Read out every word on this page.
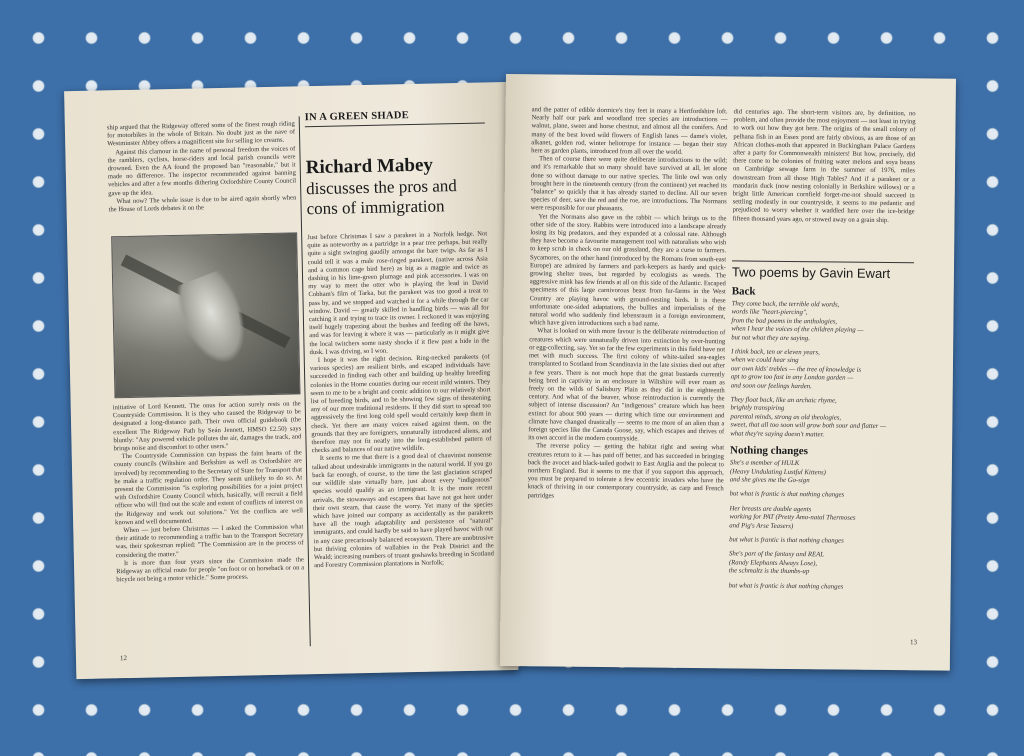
ship argued that the Ridgeway offered some of the finest rough riding for motorbikes in the whole of Britain. No doubt just as the nave of Westminster Abbey offers a magnificent site for selling ice creams.

Against this clamour in the name of personal freedom the voices of the ramblers, cyclists, horse-riders and local parish councils were drowned. Even the AA found the proposed ban "reasonable," but it made no difference. The inspector recommended against banning vehicles and after a few months dithering Oxfordshire County Council gave up the idea.

What now? The whole issue is due to be aired again shortly when the House of Lords debates it on the

initiative of Lord Kennett. The onus for action surely rests on the Countryside Commission. It is they who caused the Ridgeway to be designated a long-distance path. Their own official guidebook (the excellent The Ridgeway Path by Seán Jennett, HMSO £2.50) says bluntly: "Any powered vehicle pollutes the air, damages the track, and brings noise and discomfort to other users."

The Countryside Commission can bypass the faint hearts of the county councils (Wiltshire and Berkshire as well as Oxfordshire are involved) by recommending to the Secretary of State for Transport that he make a traffic regulation order. They seem unlikely to do so. At present the Commission "is exploring possibilities for a joint project with Oxfordshire County Council which, basically, will recruit a field officer who will find out the scale and extent of conflicts of interest on the Ridgeway and work out solutions." Yet the conflicts are well known and well documented.

When — just before Christmas — I asked the Commission what their attitude to recommending a traffic ban to the Transport Secretary was, their spokesman replied: "The Commission are in the process of considering the matter."

It is more than four years since the Commission made the Ridgeway an official route for people "on foot or on horseback or on a bicycle not being a motor vehicle." Some process.

IN A GREEN SHADE
Richard Mabey
discusses the pros and cons of immigration

Just before Christmas I saw a parakeet in a Norfolk hedge. Not quite as noteworthy as a partridge in a pear tree perhaps, but really quite a sight swinging gaudily amongst the bare twigs. As far as I could tell it was a male rose-ringed parakeet, (native across Asia and a common cage bird here) as big as a magpie and twice as dashing in his lime-green plumage and pink accessories. I was on my way to meet the otter who is playing the lead in David Cobham's film of Tarka, but the parakeet was too good a treat to pass by, and we stopped and watched it for a while through the car window. David — greatly skilled in handling birds — was all for catching it and trying to trace its owner. I reckoned it was enjoying itself hugely trapezing about the bushes and feeding off the haws, and was for leaving it where it was — particularly as it might give the local twitchers some nasty shocks if it flew past a hide in the dusk. I was driving, so I won.

I hope it was the right decision. Ring-necked parakeets (of various species) are resilient birds, and escaped individuals have succeeded in finding each other and building up healthy breeding colonies in the Home counties during our recent mild winters. They seem to me to be a bright and comic addition to our relatively short list of breeding birds, and to be showing few signs of threatening any of our more traditional residents. If they did start to spread too aggressively the first long cold spell would certainly keep them in check. Yet there are many voices raised against them, on the grounds that they are foreigners, unnaturally introduced aliens, and therefore may not fit neatly into the long-established pattern of checks and balances of our native wildlife.

It seems to me that there is a good deal of chauvinist nonsense talked about undesirable immigrants in the natural world. If you go back far enough, of course, to the time the last glaciation scraped our wildlife slate virtually bare, just about every "indigenous" species would qualify as an immigrant. It is the more recent arrivals, the stowaways and escapees that have not got here under their own steam, that cause the worry. Yet many of the species which have joined our company as accidentally as the parakeets have all the tough adaptability and persistence of "natural" immigrants, and could hardly be said to have played havoc with our in any case precariously balanced ecosystem. There are unobtrusive but thriving colonies of wallabies in the Peak District and the Weald; increasing numbers of truant goshawks breeding in Scotland and Forestry Commission plantations in Norfolk;

12

and the patter of edible dormice's tiny feet in many a Hertfordshire loft. Nearly half our park and woodland tree species are introductions — walnut, plane, sweet and horse chestnut, and almost all the conifers. And many of the best loved wild flowers of English lanes — dame's violet, alkanet, golden rod, winter heliotrope for instance — began their stay here as garden plants, introduced from all over the world.

Then of course there were quite deliberate introductions to the wild; and it's remarkable that so many should have survived at all, let alone done so without damage to our native species. The little owl was only brought here in the nineteenth century (from the continent) yet reached its "balance" so quickly that it has already started to decline. All our seven species of deer, save the red and the roe, are introductions. The Normans were responsible for our pheasants.

Yet the Normans also gave us the rabbit — which brings us to the other side of the story. Rabbits were introduced into a landscape already losing its big predators, and they expanded at a colossal rate. Although they have become a favourite management tool with naturalists who wish to keep scrub in check on our old grassland, they are a curse to farmers. Sycamores, on the other hand (introduced by the Romans from south-east Europe) are admired by farmers and park-keepers as hardy and quick-growing shelter trees, but regarded by ecologists as weeds. The aggressive mink has few friends at all on this side of the Atlantic. Escaped specimens of this large carnivorous beast from fur-farms in the West Country are playing havoc with ground-nesting birds. It is these unfortunate one-sided adaptations, the bullies and imperialists of the natural world who suddenly find lebensraum in a foreign environment, which have given introductions such a bad name.

What is looked on with more favour is the deliberate reintroduction of creatures which were unnaturally driven into extinction by over-hunting or egg-collecting, say. Yet so far the few experiments in this field have not met with much success. The first colony of white-tailed sea-eagles transplanted to Scotland from Scandinavia in the late sixties died out after a few years. There is not much hope that the great bustards currently being bred in captivity in an enclosure in Wiltshire will ever roam as freely on the wilds of Salisbury Plain as they did in the eighteenth century. And what of the beaver, whose reintroduction is currently the subject of intense discussion? An "indigenous" creature which has been extinct for about 900 years — during which time our environment and climate have changed drastically — seems to me more of an alien than a foreign species like the Canada Goose, say, which escapes and thrives of its own accord in the modern countryside.

The reverse policy — getting the habitat right and seeing what creatures return to it — has paid off better, and has succeeded in bringing back the avocet and black-tailed godwit to East Anglia and the polecat to northern England. But it seems to me that if you support this approach, you must be prepared to tolerate a few eccentric invaders who have the knack of thriving in our contemporary countryside, as carp and French partridges

did centuries ago. The short-term visitors are, by definition, no problem, and often provide the most enjoyment — not least in trying to work out how they got here. The origins of the small colony of pelhana fish in an Essex pond are fairly obvious, as are those of an African clothes-moth that appeared in Buckingham Palace Gardens after a party for Commonwealth ministers! But how, precisely, did there come to be colonies of fruiting water melons and soya beans on Cambridge sewage farm in the summer of 1976, miles downstream from all those High Tables? And if a parakeet or a mandarin duck (now nesting colonially in Berkshire willows) or a bright little American cornfield forget-me-not should succeed in settling modestly in our countryside, it seems to me pedantic and prejudiced to worry whether it waddled here over the ice-bridge fifteen thousand years ago, or stowed away on a grain ship.

Two poems by Gavin Ewart
Back
They come back, the terrible old words,
words like "heart-piercing",
from the bad poems in the anthologies,
when I hear the voices of the children playing —
but not what they are saying.
I think back, ten or eleven years,
when we could hear sing
our own kids' trebles — the tree of knowledge is
apt to grow too fast in any London garden —
and soon our feelings harden.
They float back, like an archaic rhyme,
brightly transpiring
parental minds, strong as old theologies,
sweet, that all too soon will grow both sour and flatter —
what they're saying doesn't matter.
Nothing changes
She's a member of HULK
(Heavy Undulating Lustful Kittens)
and she gives me the Go-sign
but what is frantic is that nothing changes
Her breasts are double agents
working for PAT (Pretty Amo-natal Thermoses
and Pig's Arse Teasers)
but what is frantic is that nothing changes
She's part of the fantasy and REAL
(Randy Elephants Always Lose),
the schmaltz is the thumbs-up
but what is frantic is that nothing changes
13
